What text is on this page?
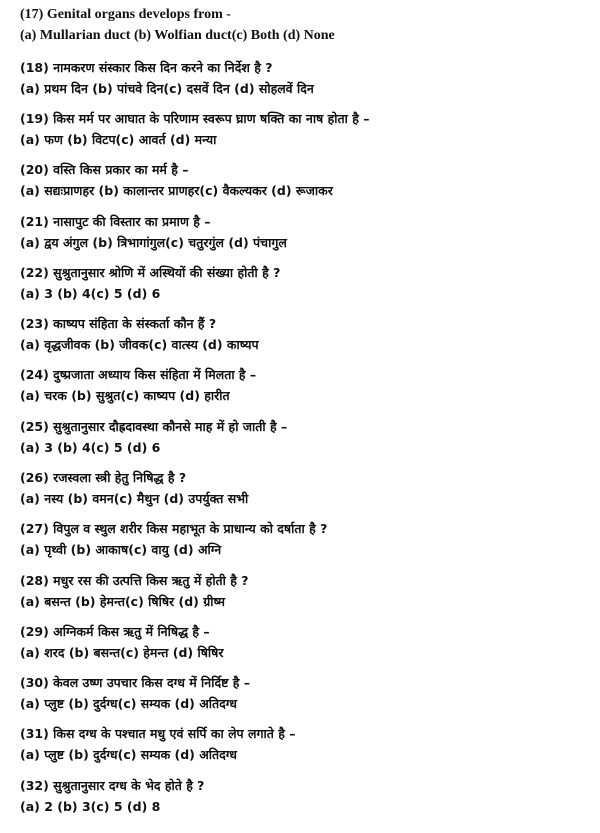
(17) Genital organs develops from -
(a) Mullarian duct (b) Wolfian duct(c) Both (d) None
(18) नामकरण संस्कार किस दिन करने का निर्देश है ?
(a) प्रथम दिन (b) पांचवे दिन(c) दसवें दिन (d) सोहलवें दिन
(19) किस मर्म पर आघात के परिणाम स्वरूप घ्राण षक्ति का नाष होता है –
(a) फण (b) विटप(c) आवर्त (d) मन्या
(20) वस्ति किस प्रकार का मर्म है –
(a) सद्यःप्राणहर (b) कालान्तर प्राणहर(c) वैकल्यकर (d) रूजाकर
(21) नासापुट की विस्तार का प्रमाण है –
(a) द्वय अंगुल (b) त्रिभागांगुल(c) चतुरगुंल (d) पंचागुल
(22) सुश्रुतानुसार श्रोणि में अस्थियों की संख्या होती है ?
(a) 3 (b) 4(c) 5 (d) 6
(23) काष्यप संहिता के संस्कर्ता कौन हैं ?
(a) वृद्धजीवक (b) जीवक(c) वात्स्य (d) काष्यप
(24) दुष्प्रजाता अध्याय किस संहिता में मिलता है –
(a) चरक (b) सुश्रुत(c) काष्यप (d) हारीत
(25) सुश्रुतानुसार दौह्रदावस्था कौनसे माह में हो जाती है –
(a) 3 (b) 4(c) 5 (d) 6
(26) रजस्वला स्त्री हेतु निषिद्ध है ?
(a) नस्य (b) वमन(c) मैथुन (d) उपर्युक्त सभी
(27) विपुल व स्थुल शरीर किस महाभूत के प्राधान्य को दर्षाता है ?
(a) पृथ्वी (b) आकाष(c) वायु (d) अग्नि
(28) मधुर रस की उत्पत्ति किस ऋतु में होती है ?
(a) बसन्त (b) हेमन्त(c) षिषिर (d) ग्रीष्म
(29) अग्निकर्म किस ऋतु में निषिद्ध है –
(a) शरद (b) बसन्त(c) हेमन्त (d) षिषिर
(30) केवल उष्ण उपचार किस दग्ध में निर्दिष्ट है –
(a) प्लुष्ट (b) दुर्दग्ध(c) सम्यक (d) अतिदग्ध
(31) किस दग्ध के पश्चात मधु एवं सर्पि का लेप लगाते है –
(a) प्लुष्ट (b) दुर्दग्ध(c) सम्यक (d) अतिदग्ध
(32) सुश्रुतानुसार दग्ध के भेद होते है ?
(a) 2 (b) 3(c) 5 (d) 8
